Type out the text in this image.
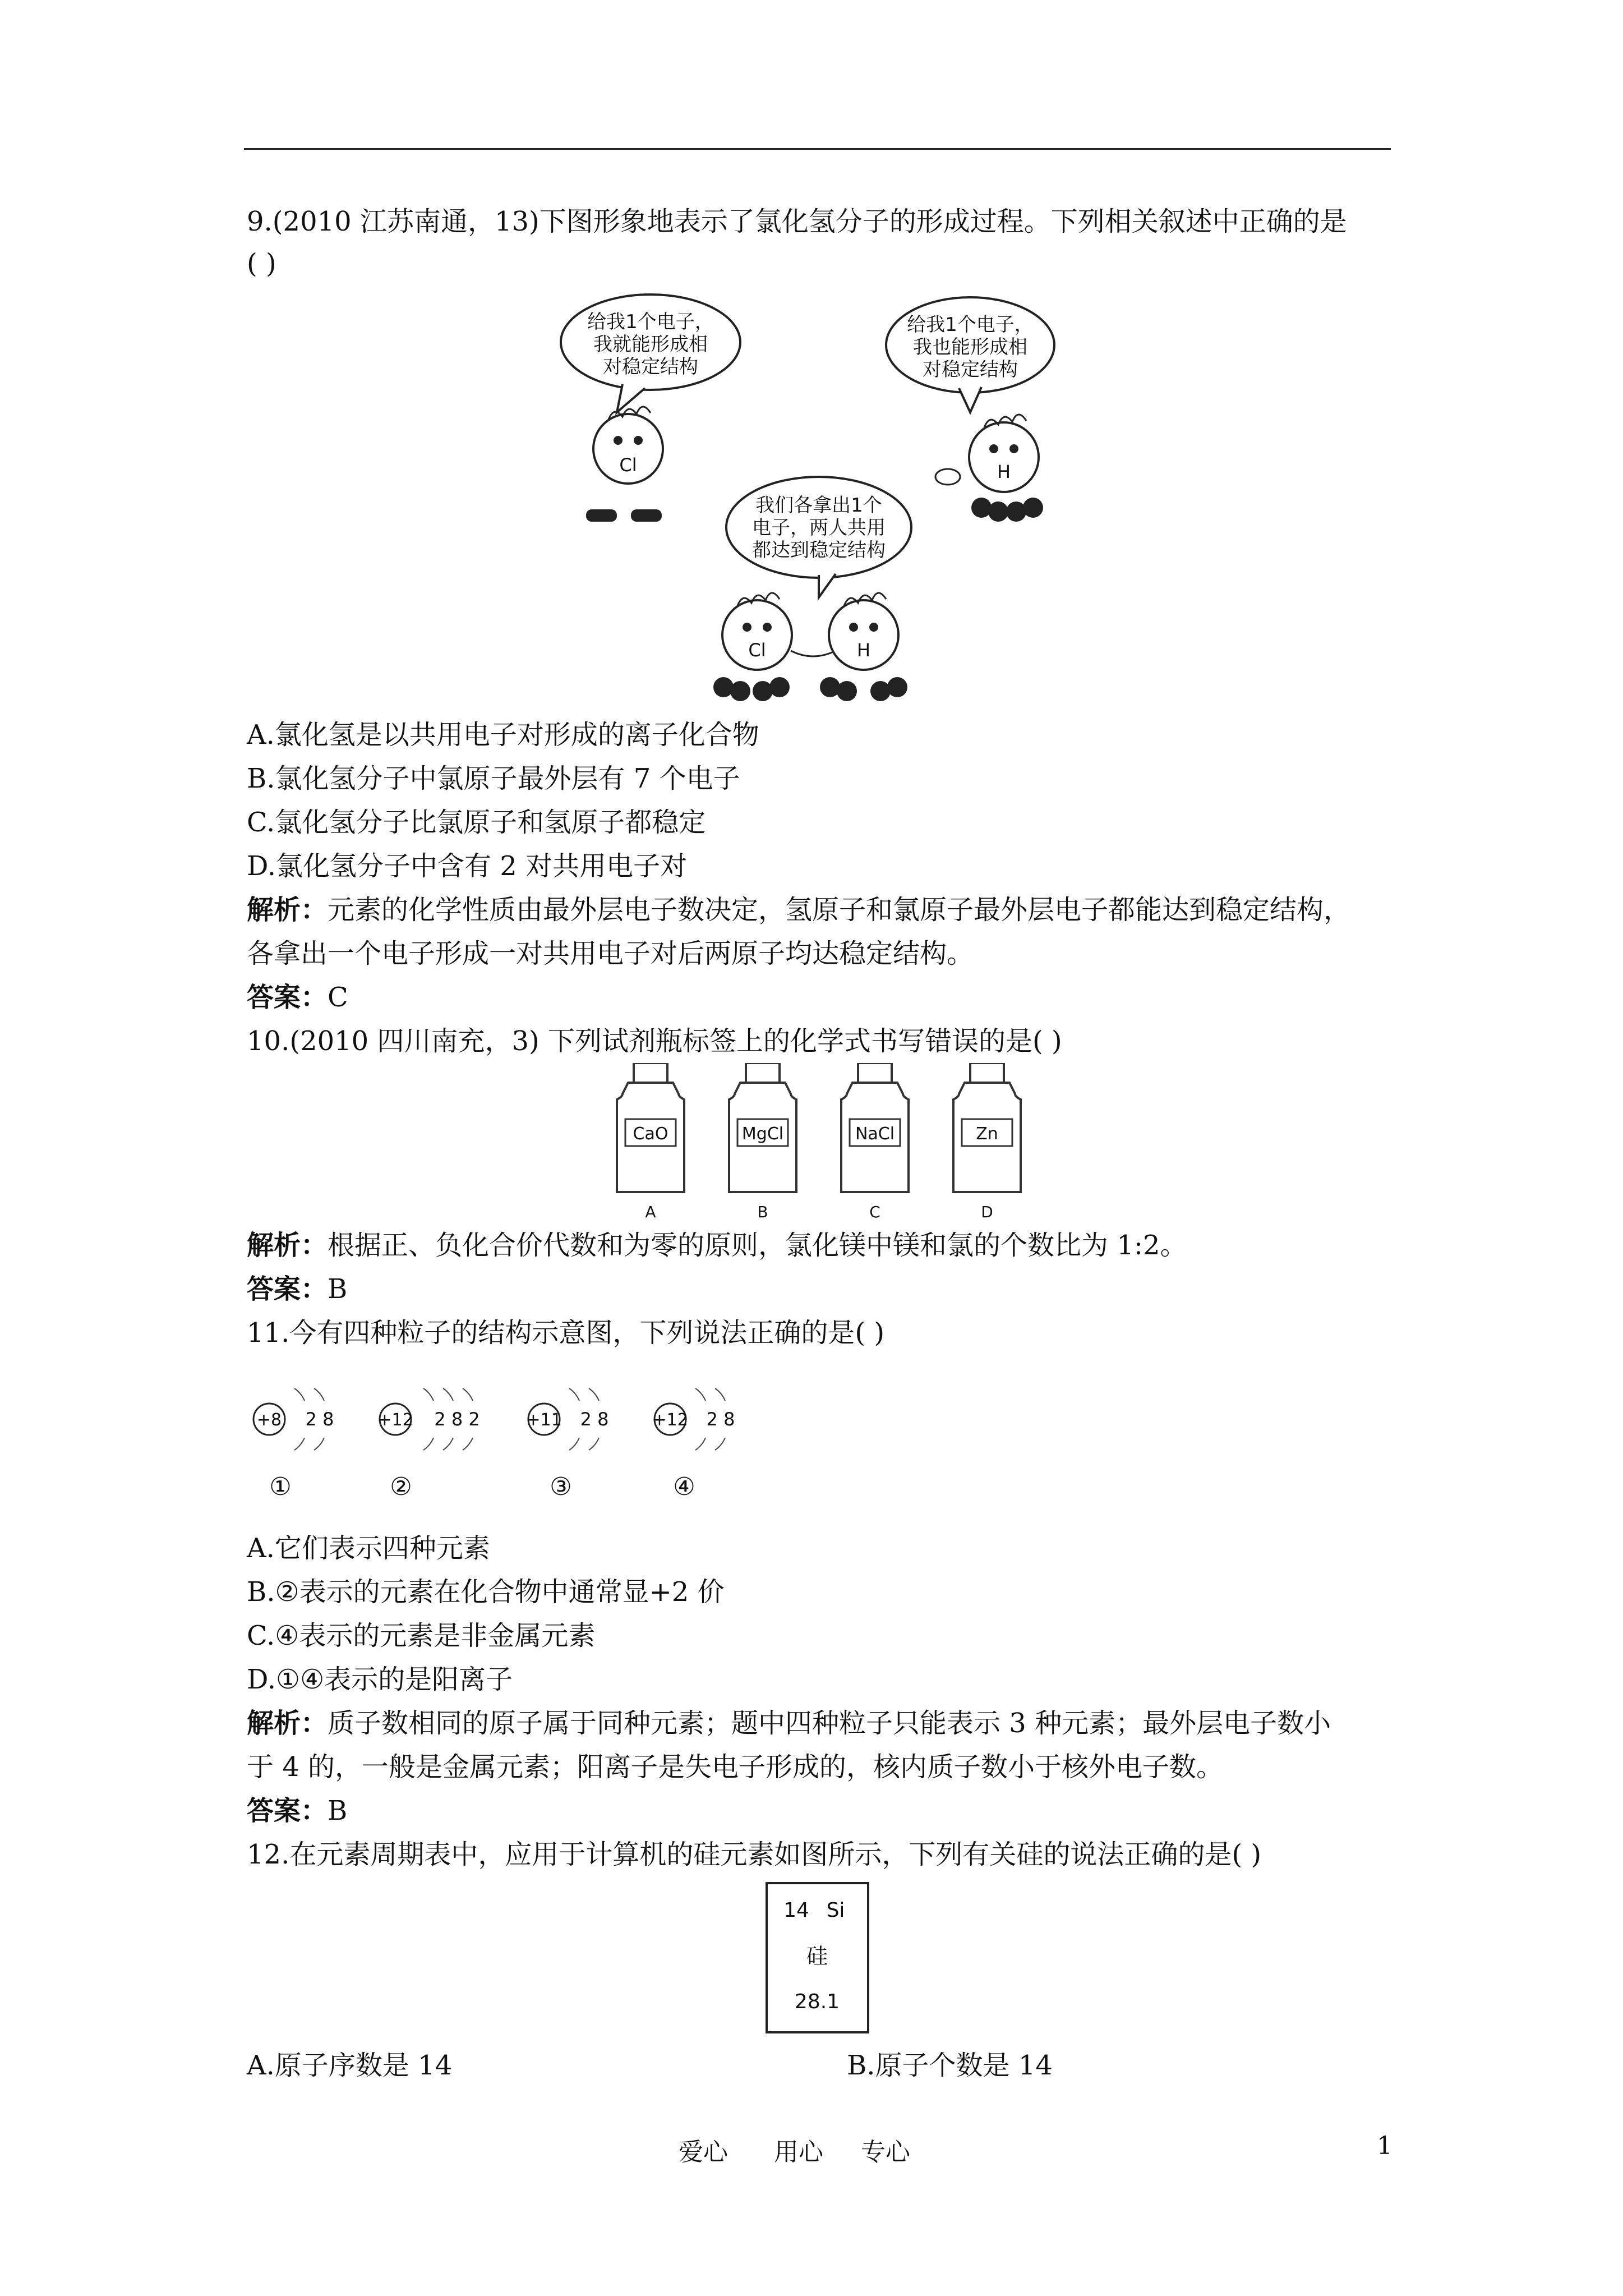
9.(2010 江苏南通，13)下图形象地表示了氯化氢分子的形成过程。下列相关叙述中正确的是
( )
给我1个电子，
我就能形成相
对稳定结构
给我1个电子，
我也能形成相
对稳定结构
Cl	H
我们各拿出1个
电子，两人共用
都达到稳定结构
Cl	H
A.氯化氢是以共用电子对形成的离子化合物
B.氯化氢分子中氯原子最外层有 7 个电子
C.氯化氢分子比氯原子和氢原子都稳定
D.氯化氢分子中含有 2 对共用电子对
解析：元素的化学性质由最外层电子数决定，氢原子和氯原子最外层电子都能达到稳定结构，
各拿出一个电子形成一对共用电子对后两原子均达稳定结构。
答案：C
10.(2010 四川南充，3) 下列试剂瓶标签上的化学式书写错误的是( )
CaO
A
MgCl
B
NaCl
C
Zn
D
解析：根据正、负化合价代数和为零的原则，氯化镁中镁和氯的个数比为 1:2。
答案：B
11.今有四种粒子的结构示意图，下列说法正确的是( )
+8 2 8
①
+12 2 8 2
②
+11 2 8
③
+12 2 8
④
A.它们表示四种元素
B.②表示的元素在化合物中通常显+2 价
C.④表示的元素是非金属元素
D.①④表示的是阳离子
解析：质子数相同的原子属于同种元素；题中四种粒子只能表示 3 种元素；最外层电子数小
于 4 的，一般是金属元素；阳离子是失电子形成的，核内质子数小于核外电子数。
答案：B
12.在元素周期表中，应用于计算机的硅元素如图所示，下列有关硅的说法正确的是( )
14 Si
硅
28.1
A.原子序数是 14	B.原子个数是 14
爱心 用心 专心	1
